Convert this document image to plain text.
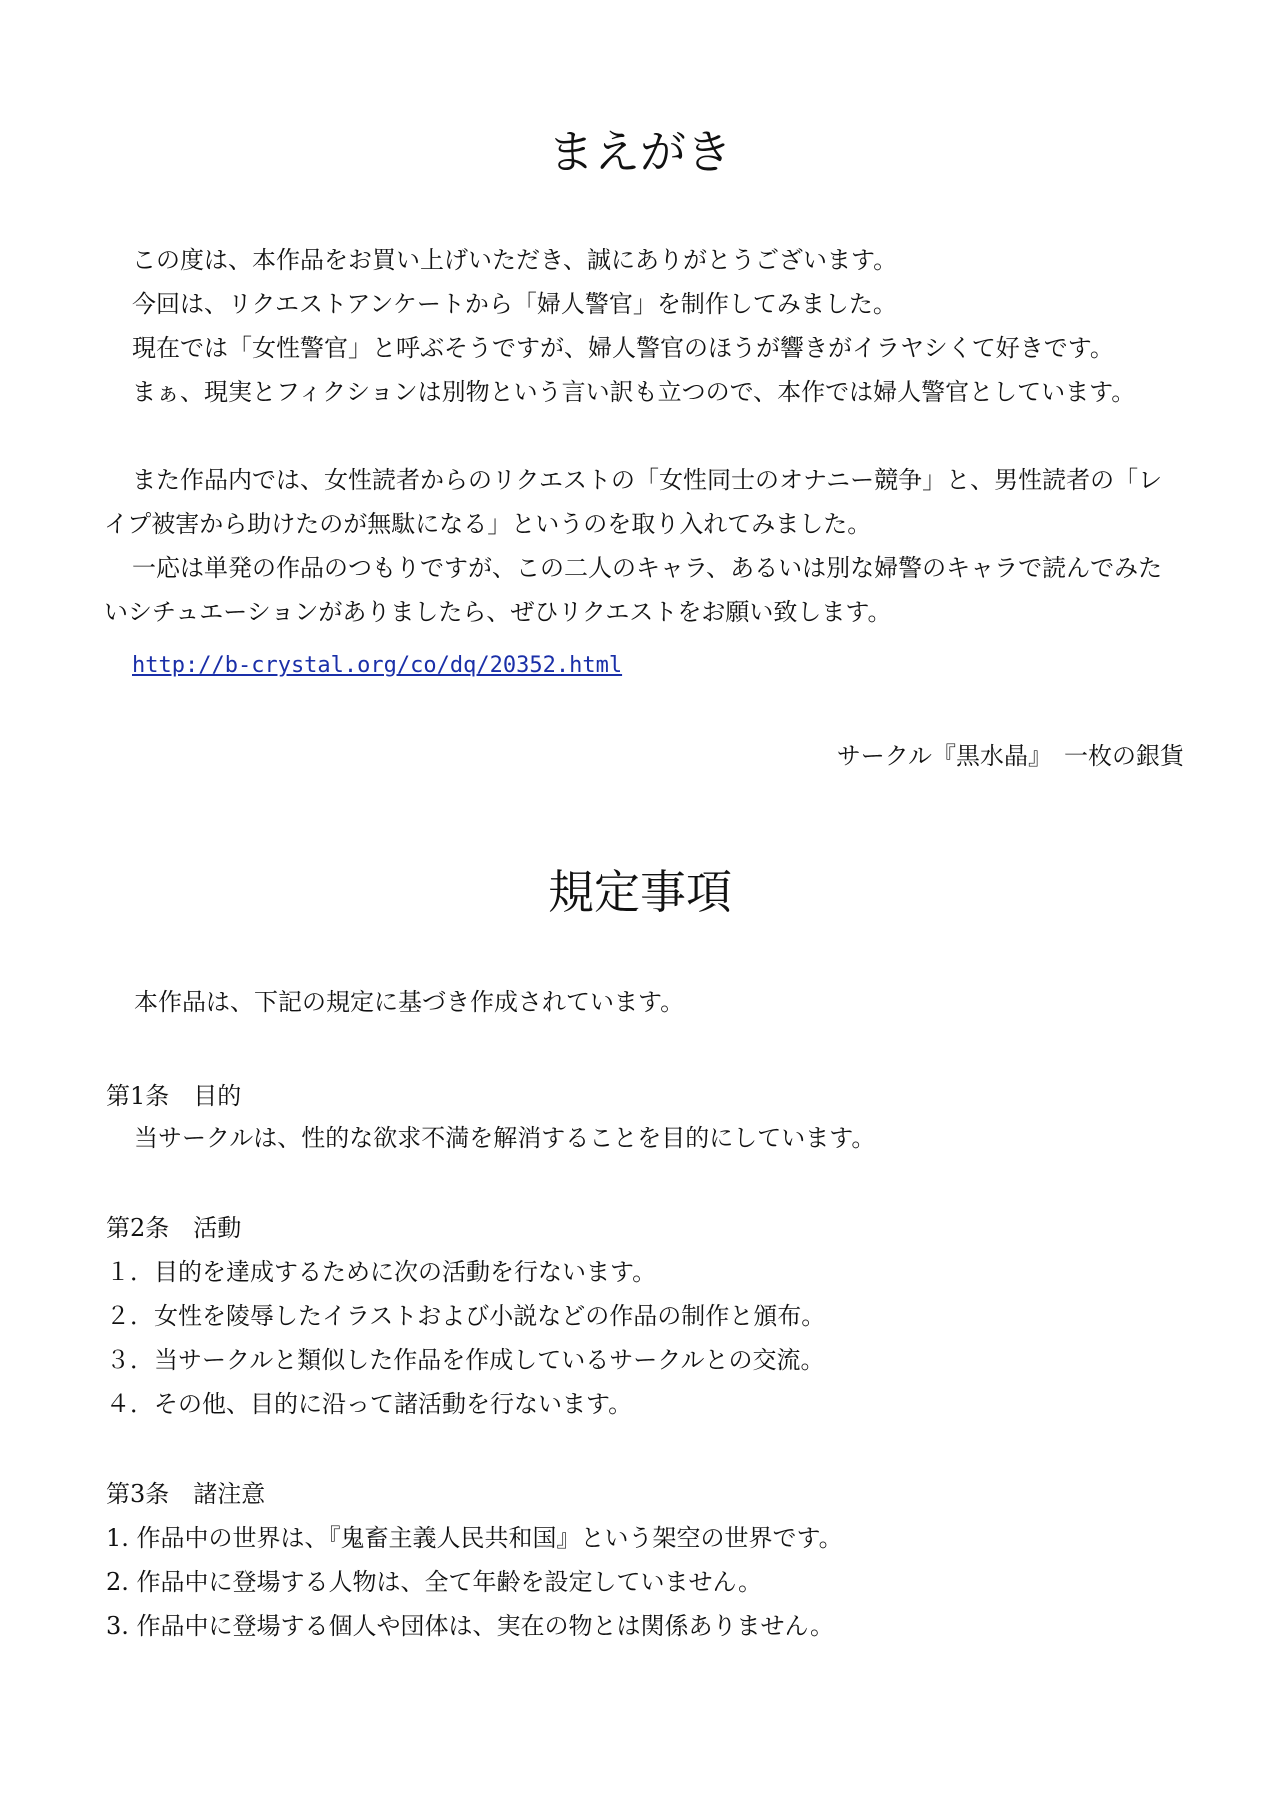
まえがき

この度は、本作品をお買い上げいただき、誠にありがとうございます。

今回は、リクエストアンケートから「婦人警官」を制作してみました。

現在では「女性警官」と呼ぶそうですが、婦人警官のほうが響きがイラヤシくて好きです。

まぁ、現実とフィクションは別物という言い訳も立つので、本作では婦人警官としています。

また作品内では、女性読者からのリクエストの「女性同士のオナニー競争」と、男性読者の「レイプ被害から助けたのが無駄になる」というのを取り入れてみました。

一応は単発の作品のつもりですが、この二人のキャラ、あるいは別な婦警のキャラで読んでみたいシチュエーションがありましたら、ぜひリクエストをお願い致します。

http://b-crystal.org/co/dq/20352.html
サークル『黒水晶』　一枚の銀貨
規定事項
本作品は、下記の規定に基づき作成されています。
第1条　目的
当サークルは、性的な欲求不満を解消することを目的にしています。
第2条　活動
１．目的を達成するために次の活動を行ないます。
２．女性を陵辱したイラストおよび小説などの作品の制作と頒布。
３．当サークルと類似した作品を作成しているサークルとの交流。
４．その他、目的に沿って諸活動を行ないます。
第3条　諸注意
1. 作品中の世界は、『鬼畜主義人民共和国』という架空の世界です。
2. 作品中に登場する人物は、全て年齢を設定していません。
3. 作品中に登場する個人や団体は、実在の物とは関係ありません。
